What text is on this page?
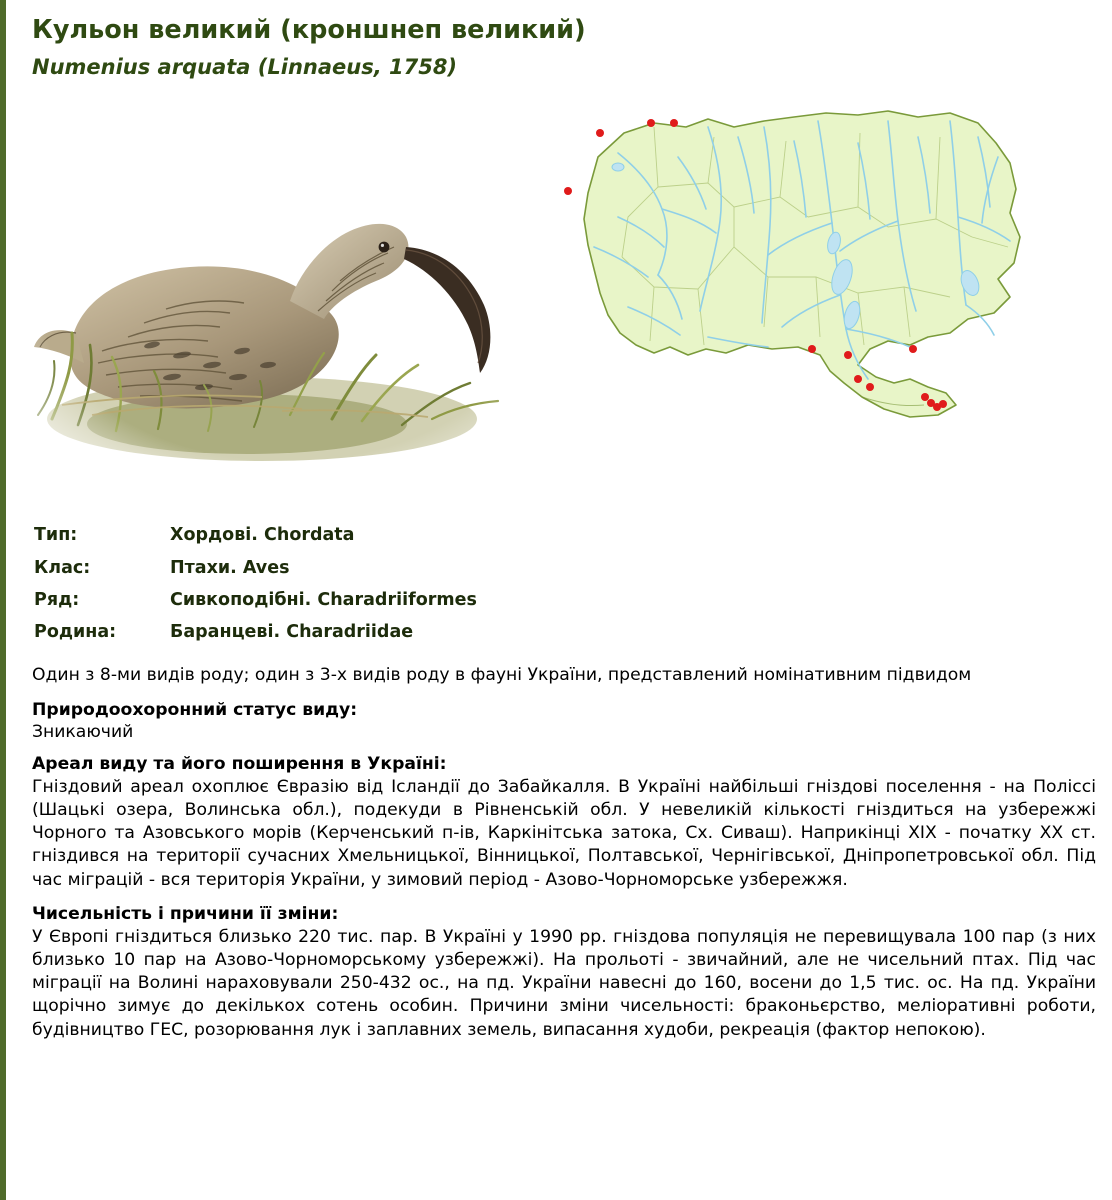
Кульон великий (кроншнеп великий)
Numenius arquata (Linnaeus, 1758)
Тип:	Хордові. Chordata
Клас:	Птахи. Aves
Ряд:	Сивкоподібні. Charadriiformes
Родина:	Баранцеві. Charadriidae

Один з 8-ми видів роду; один з 3-х видів роду в фауні України, представлений номінативним підвидом

Природоохоронний статус виду:

Зникаючий

Ареал виду та його поширення в Україні:

Гніздовий ареал охоплює Євразію від Ісландії до Забайкалля. В Україні найбільші гніздові поселення - на Поліссі (Шацькі озера, Волинська обл.), подекуди в Рівненській обл. У невеликій кількості гніздиться на узбережжі Чорного та Азовського морів (Керченський п-ів, Каркінітська затока, Сх. Сиваш). Наприкінці XIX - початку XX ст. гніздився на території сучасних Хмельницької, Вінницької, Полтавської, Чернігівської, Дніпропетровської обл. Під час міграцій - вся територія України, у зимовий період - Азово-Чорноморське узбережжя.

Чисельність і причини її зміни:

У Європі гніздиться близько 220 тис. пар. В Україні у 1990 рр. гніздова популяція не перевищувала 100 пар (з них близько 10 пар на Азово-Чорноморському узбережжі). На прольоті - звичайний, але не чисельний птах. Під час міграції на Волині нараховували 250-432 ос., на пд. України навесні до 160, восени до 1,5 тис. ос. На пд. України щорічно зимує до декількох сотень особин. Причини зміни чисельності: браконьєрство, меліоративні роботи, будівництво ГЕС, розорювання лук і заплавних земель, випасання худоби, рекреація (фактор непокою).
